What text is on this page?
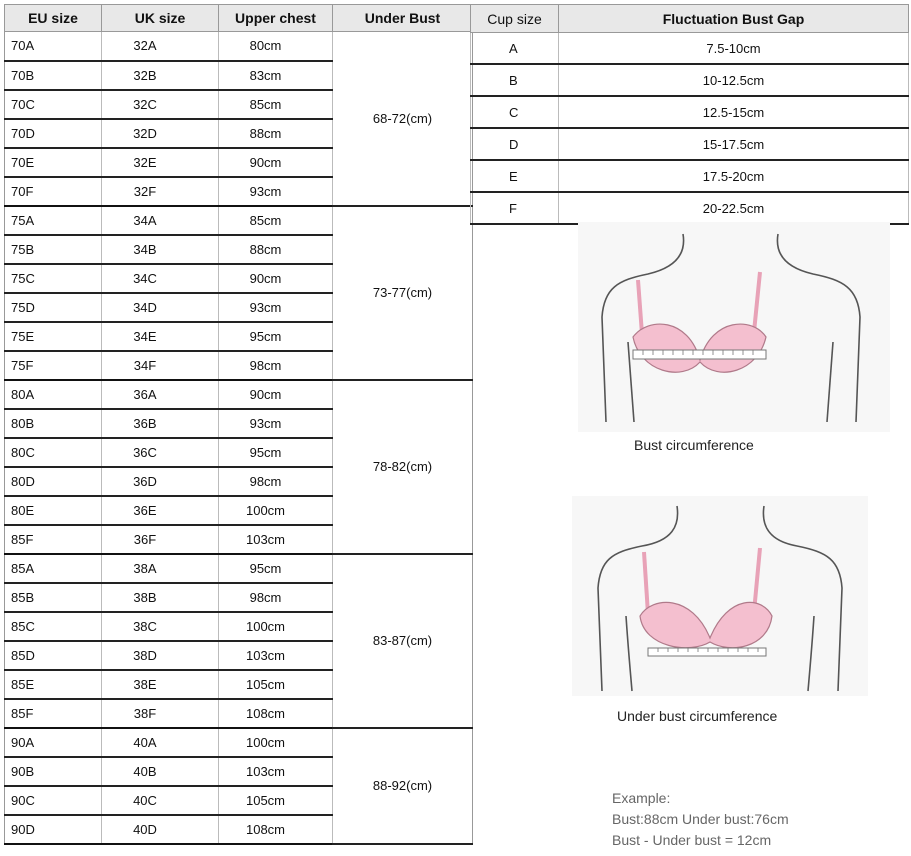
EU size	UK size	Upper chest	Under Bust
70A	32A	80cm	68-72(cm)
70B	32B	83cm	
70C	32C	85cm	
70D	32D	88cm	
70E	32E	90cm	
70F	32F	93cm	
75A	34A	85cm	73-77(cm)
75B	34B	88cm	
75C	34C	90cm	
75D	34D	93cm	
75E	34E	95cm	
75F	34F	98cm	
80A	36A	90cm	78-82(cm)
80B	36B	93cm	
80C	36C	95cm	
80D	36D	98cm	
80E	36E	100cm	
85F	36F	103cm	
85A	38A	95cm	83-87(cm)
85B	38B	98cm	
85C	38C	100cm	
85D	38D	103cm	
85E	38E	105cm	
85F	38F	108cm	
90A	40A	100cm	88-92(cm)
90B	40B	103cm	
90C	40C	105cm	
90D	40D	108cm	
Cup size	Fluctuation Bust Gap
A	7.5-10cm
B	10-12.5cm
C	12.5-15cm
D	15-17.5cm
E	17.5-20cm
F	20-22.5cm
Bust circumference
Under bust circumference
Example:
Bust:88cm Under bust:76cm
Bust - Under bust = 12cm
